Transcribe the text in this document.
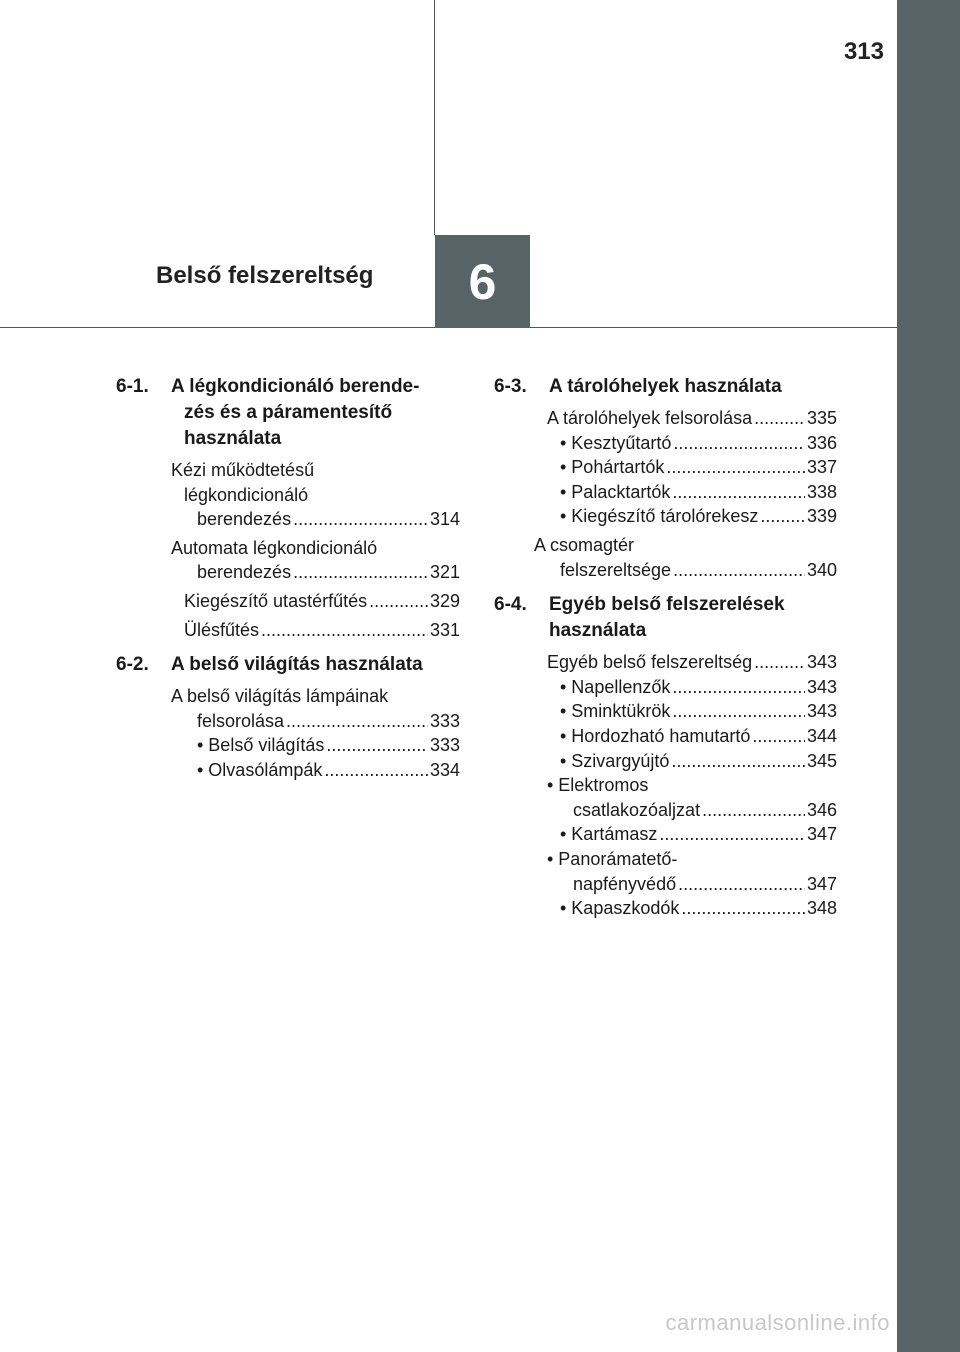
313
Belső felszereltség	6
6-1. A légkondicionáló berende-
zés és a páramentesítő
használata
Kézi működtetésű
légkondicionáló
berendezés .....	314
Automata légkondicionáló
berendezés .....	321
Kiegészítő utastérfűtés .....	329
Ülésfűtés .....	331
6-2. A belső világítás használata
A belső világítás lámpáinak
felsorolása .....	333
• Belső világítás .....	333
• Olvasólámpák .....	334
6-3. A tárolóhelyek használata
A tárolóhelyek felsorolása .....	335
• Kesztyűtartó .....	336
• Pohártartók .....	337
• Palacktartók .....	338
• Kiegészítő tárolórekesz .....	339
A csomagtér
felszereltsége .....	340
6-4. Egyéb belső felszerelések
használata
Egyéb belső felszereltség .....	343
• Napellenzők .....	343
• Sminktükrök .....	343
• Hordozható hamutartó .....	344
• Szivargyújtó .....	345
• Elektromos
csatlakozóaljzat .....	346
• Kartámasz .....	347
• Panorámatető-
napfényvédő .....	347
• Kapaszkodók .....	348
carmanualsonline.info
